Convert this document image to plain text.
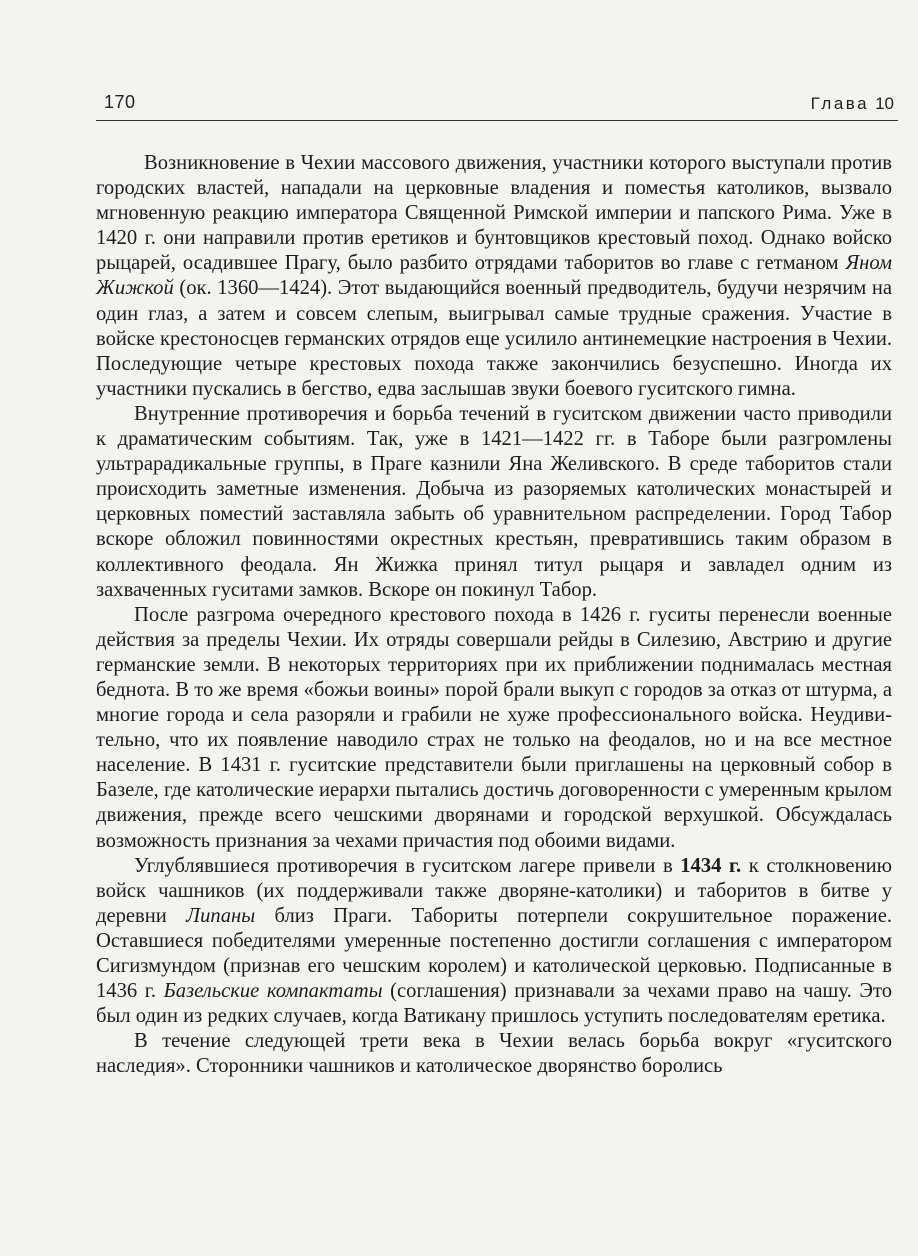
170	Глава 10

Возникновение в Чехии массового движения, участники которого выступали против городских властей, нападали на церковные владения и поместья католиков, вызвало мгновенную реакцию императора Священной Римской империи и папского Рима. Уже в 1420 г. они направили против еретиков и бунтовщиков крестовый поход. Однако войско рыцарей, осадившее Прагу, было разбито отрядами таборитов во главе с гетманом Яном Жижкой (ок. 1360—1424). Этот выдающийся военный предводитель, будучи незрячим на один глаз, а затем и совсем слепым, выигрывал самые трудные сражения. Участие в войске крестоносцев германских отрядов еще усилило антинемецкие настроения в Чехии. Последующие четыре крестовых похода также закончились безуспешно. Иногда их участники пускались в бегство, едва заслышав звуки боевого гуситского гимна.

Внутренние противоречия и борьба течений в гуситском движении часто приводили к драматическим событиям. Так, уже в 1421—1422 гг. в Таборе были разгромлены ультрарадикальные группы, в Праге казнили Яна Желивского. В среде таборитов стали происходить заметные изменения. Добыча из разоряемых католических монастырей и церковных поместий заставляла забыть об уравнительном распределении. Город Табор вскоре обложил повинностями окрестных крестьян, превратившись таким образом в коллективного феодала. Ян Жижка принял титул рыцаря и завладел одним из захваченных гуситами замков. Вскоре он покинул Табор.

После разгрома очередного крестового похода в 1426 г. гуситы перенесли военные действия за пределы Чехии. Их отряды совершали рейды в Силезию, Австрию и другие германские земли. В некоторых территориях при их приближении поднималась местная беднота. В то же время «божьи воины» порой брали выкуп с городов за отказ от штурма, а многие города и села разоряли и грабили не хуже профессионального войска. Неудивительно, что их появление наводило страх не только на феодалов, но и на все местное население. В 1431 г. гуситские представители были приглашены на церковный собор в Базеле, где католические иерархи пытались достичь договоренности с умеренным крылом движения, прежде всего чешскими дворянами и городской верхушкой. Обсуждалась возможность признания за чехами причастия под обоими видами.

Углублявшиеся противоречия в гуситском лагере привели в 1434 г. к столкновению войск чашников (их поддерживали также дворяне-католики) и таборитов в битве у деревни Липаны близ Праги. Табориты потерпели сокрушительное поражение. Оставшиеся победителями умеренные постепенно достигли соглашения с императором Сигизмундом (признав его чешским королем) и католической церковью. Подписанные в 1436 г. Базельские компактаты (соглашения) признавали за чехами право на чашу. Это был один из редких случаев, когда Ватикану пришлось уступить последователям еретика.

В течение следующей трети века в Чехии велась борьба вокруг «гуситского наследия». Сторонники чашников и католическое дворянство боролись
